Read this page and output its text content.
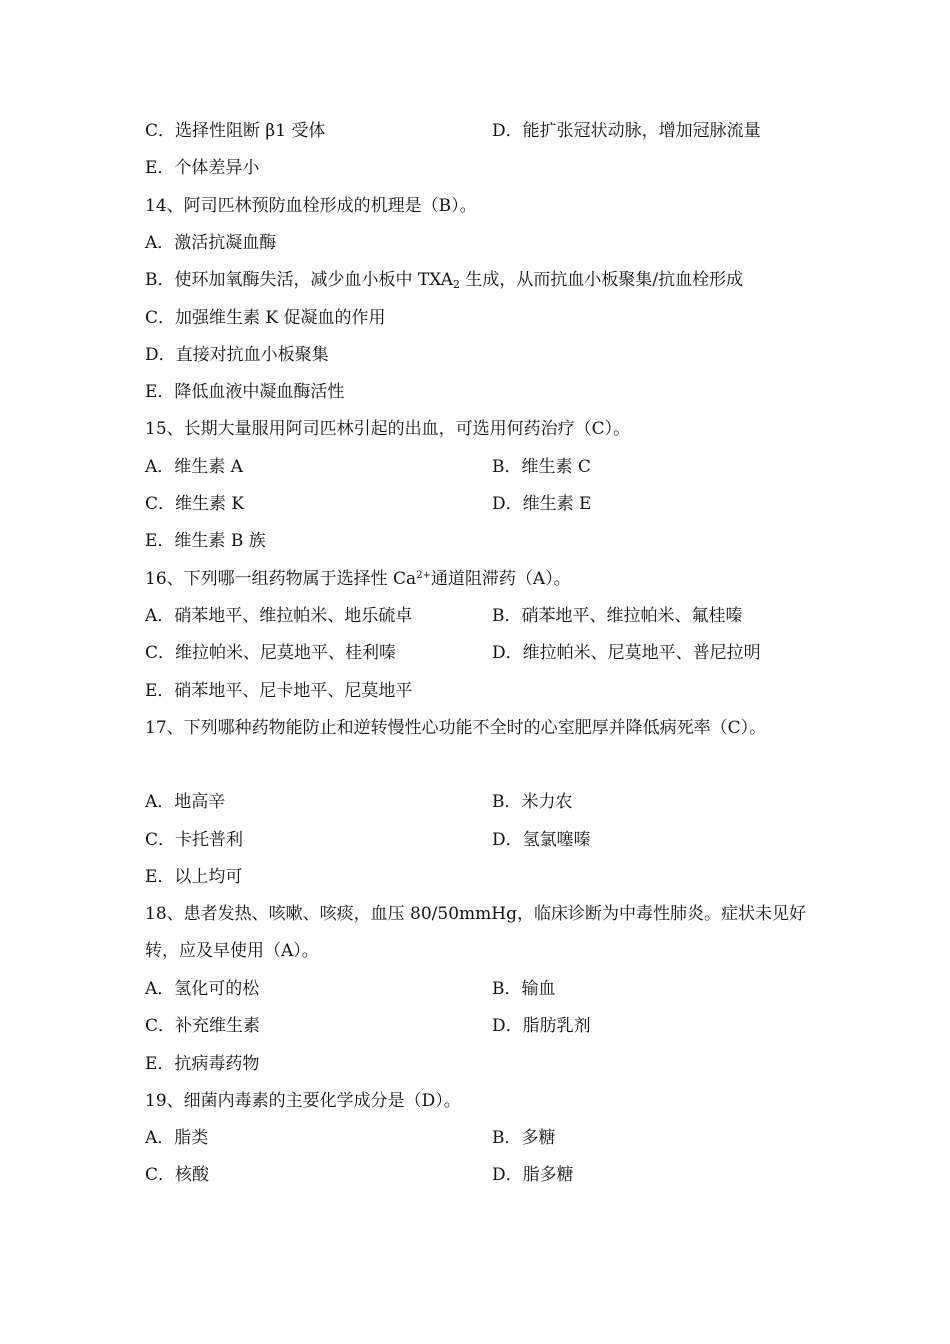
C．选择性阻断 β1 受体	D．能扩张冠状动脉，增加冠脉流量
E．个体差异小
14、阿司匹林预防血栓形成的机理是（B）。
A．激活抗凝血酶
B．使环加氧酶失活，减少血小板中 $TXA_2$ 生成，从而抗血小板聚集/抗血栓形成
C．加强维生素 K 促凝血的作用
D．直接对抗血小板聚集
E．降低血液中凝血酶活性
15、长期大量服用阿司匹林引起的出血，可选用何药治疗（C）。
A．维生素 A	B．维生素 C
C．维生素 K	D．维生素 E
E．维生素 B 族
16、下列哪一组药物属于选择性 $Ca^{2+}$通道阻滞药（A）。
A．硝苯地平、维拉帕米、地乐硫卓	B．硝苯地平、维拉帕米、氟桂嗪
C．维拉帕米、尼莫地平、桂利嗪	D．维拉帕米、尼莫地平、普尼拉明
E．硝苯地平、尼卡地平、尼莫地平
17、下列哪种药物能防止和逆转慢性心功能不全时的心室肥厚并降低病死率（C）。
A．地高辛	B．米力农
C．卡托普利	D．氢氯噻嗪
E．以上均可
18、患者发热、咳嗽、咳痰，血压 80/50mmHg，临床诊断为中毒性肺炎。症状未见好转，应及早使用（A）。
A．氢化可的松	B．输血
C．补充维生素	D．脂肪乳剂
E．抗病毒药物
19、细菌内毒素的主要化学成分是（D）。
A．脂类	B．多糖
C．核酸	D．脂多糖
